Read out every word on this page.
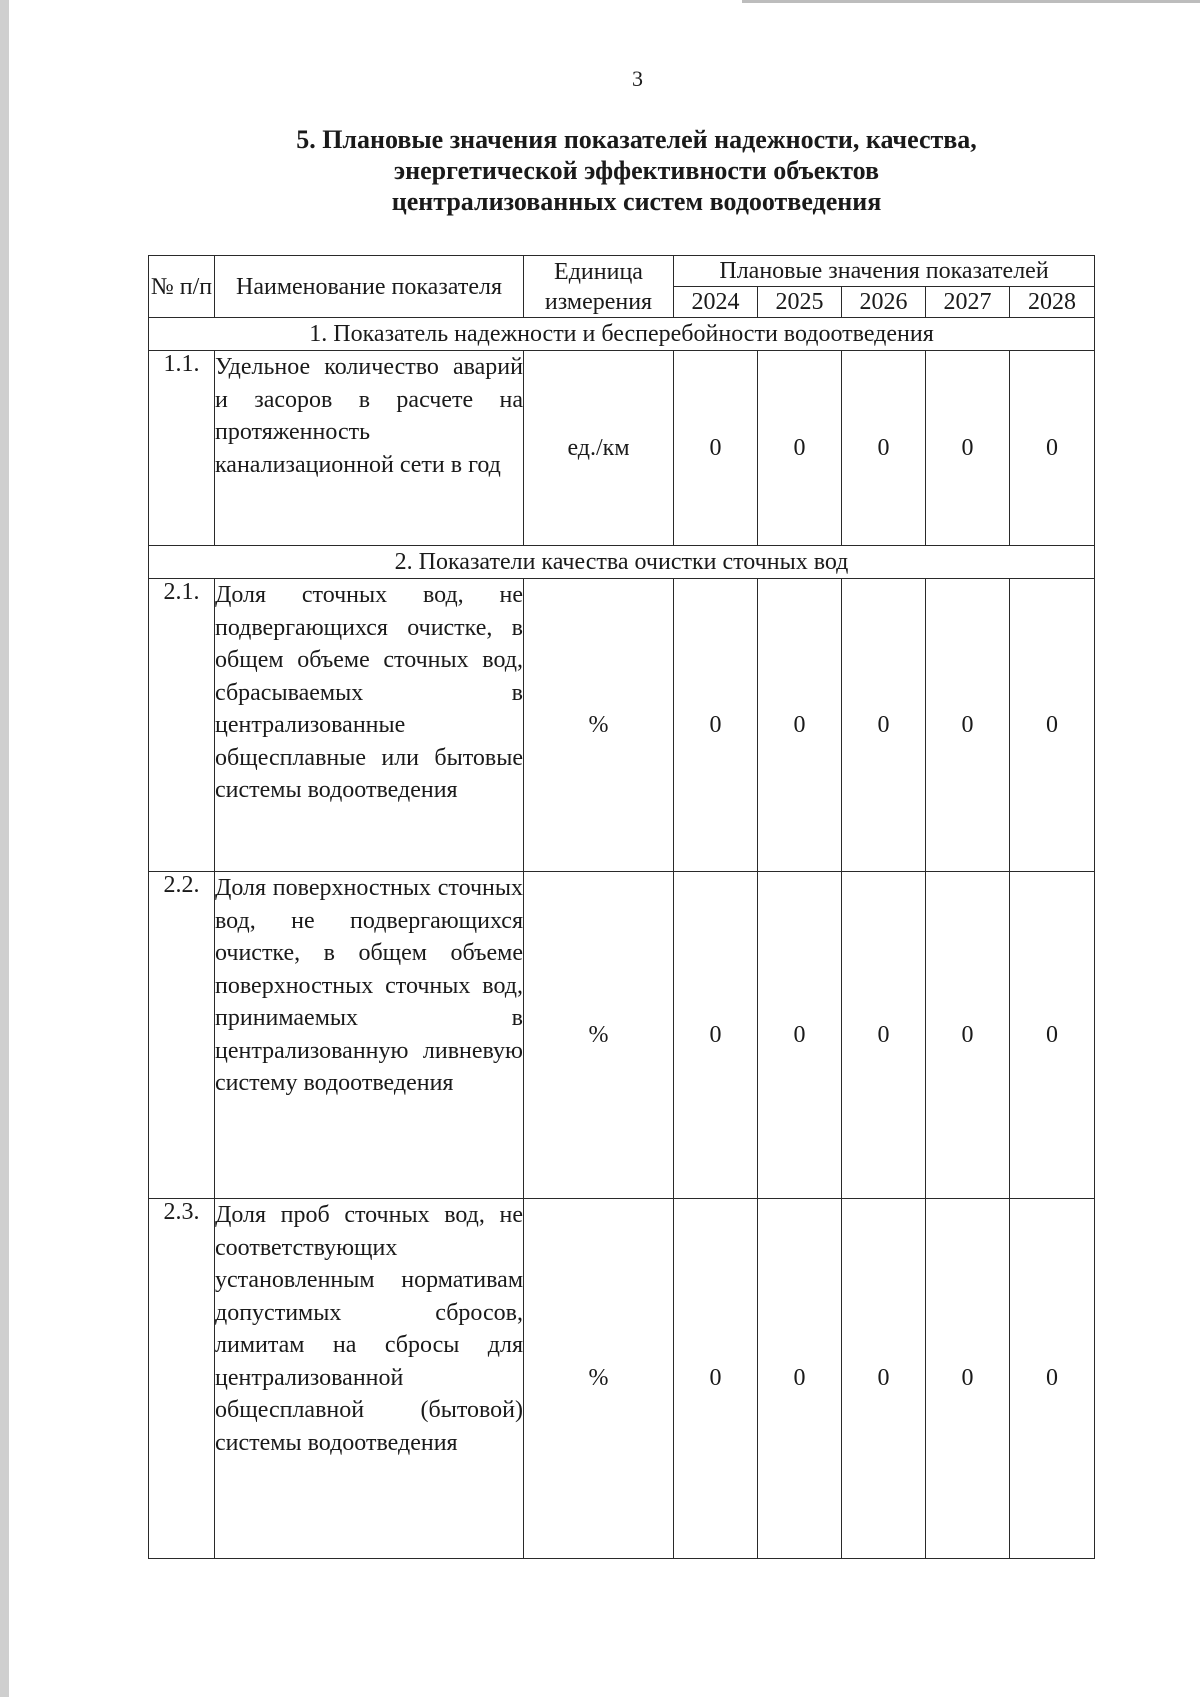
3
5. Плановые значения показателей надежности, качества,
энергетической эффективности объектов
централизованных систем водоотведения
№ п/п	Наименование показателя	Единица измерения	Плановые значения показателей				
			2024	2025	2026	2027	2028
1. Показатель надежности и бесперебойности водоотведения							
1.1.	Удельное количество аварий и засоров в расчете на протяженность канализационной сети в год	ед./км	0	0	0	0	0
2. Показатели качества очистки сточных вод							
2.1.	Доля сточных вод, не подвергающихся очистке, в общем объеме сточных вод, сбрасываемых в централизованные общесплавные или бытовые системы водоотведения	%	0	0	0	0	0
2.2.	Доля поверхностных сточных вод, не подвергающихся очистке, в общем объеме поверхностных сточных вод, принимаемых в централизованную ливневую систему водоотведения	%	0	0	0	0	0
2.3.	Доля проб сточных вод, не соответствующих установленным нормативам допустимых сбросов, лимитам на сбросы для централизованной общесплавной (бытовой) системы водоотведения	%	0	0	0	0	0
